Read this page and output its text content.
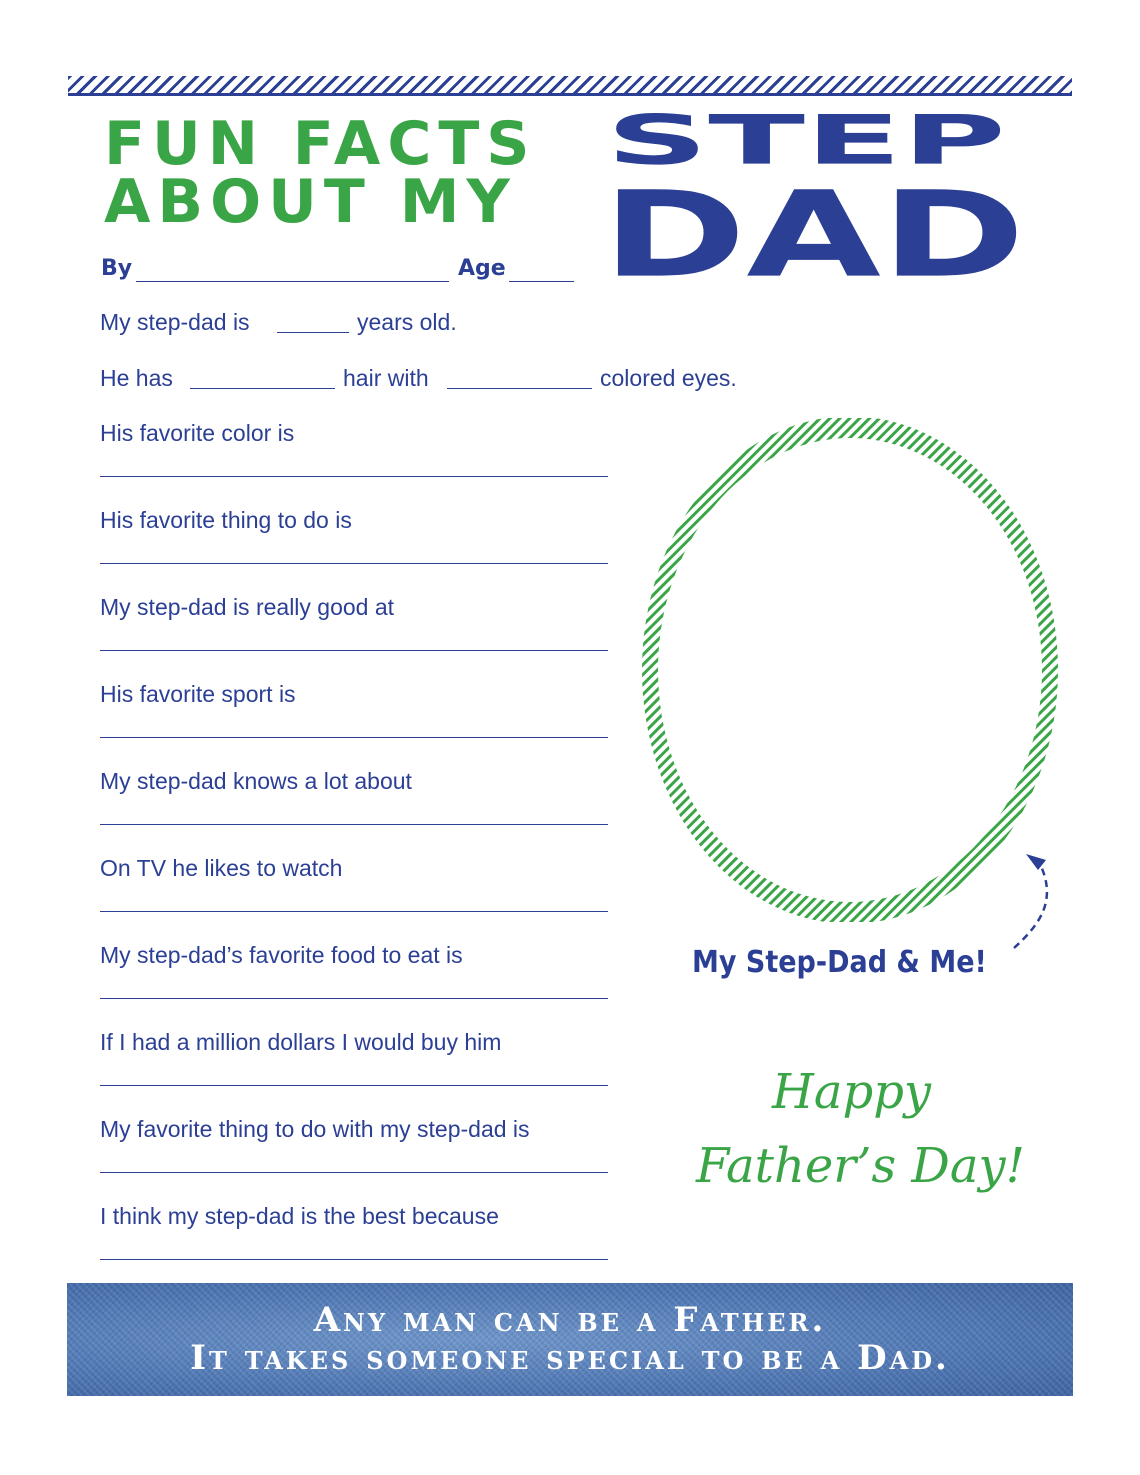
FUN FACTS
ABOUT MY
STEP
DAD
By	Age
My step-dad is	years old.
He has	hair with	colored eyes.
His favorite color is
His favorite thing to do is
My step-dad is really good at
His favorite sport is
My step-dad knows a lot about
On TV he likes to watch
My step-dad’s favorite food to eat is
If I had a million dollars I would buy him
My favorite thing to do with my step-dad is
I think my step-dad is the best because
My Step-Dad & Me!
Happy
Father’s Day!
Any man can be a Father.
It takes someone special to be a Dad.
